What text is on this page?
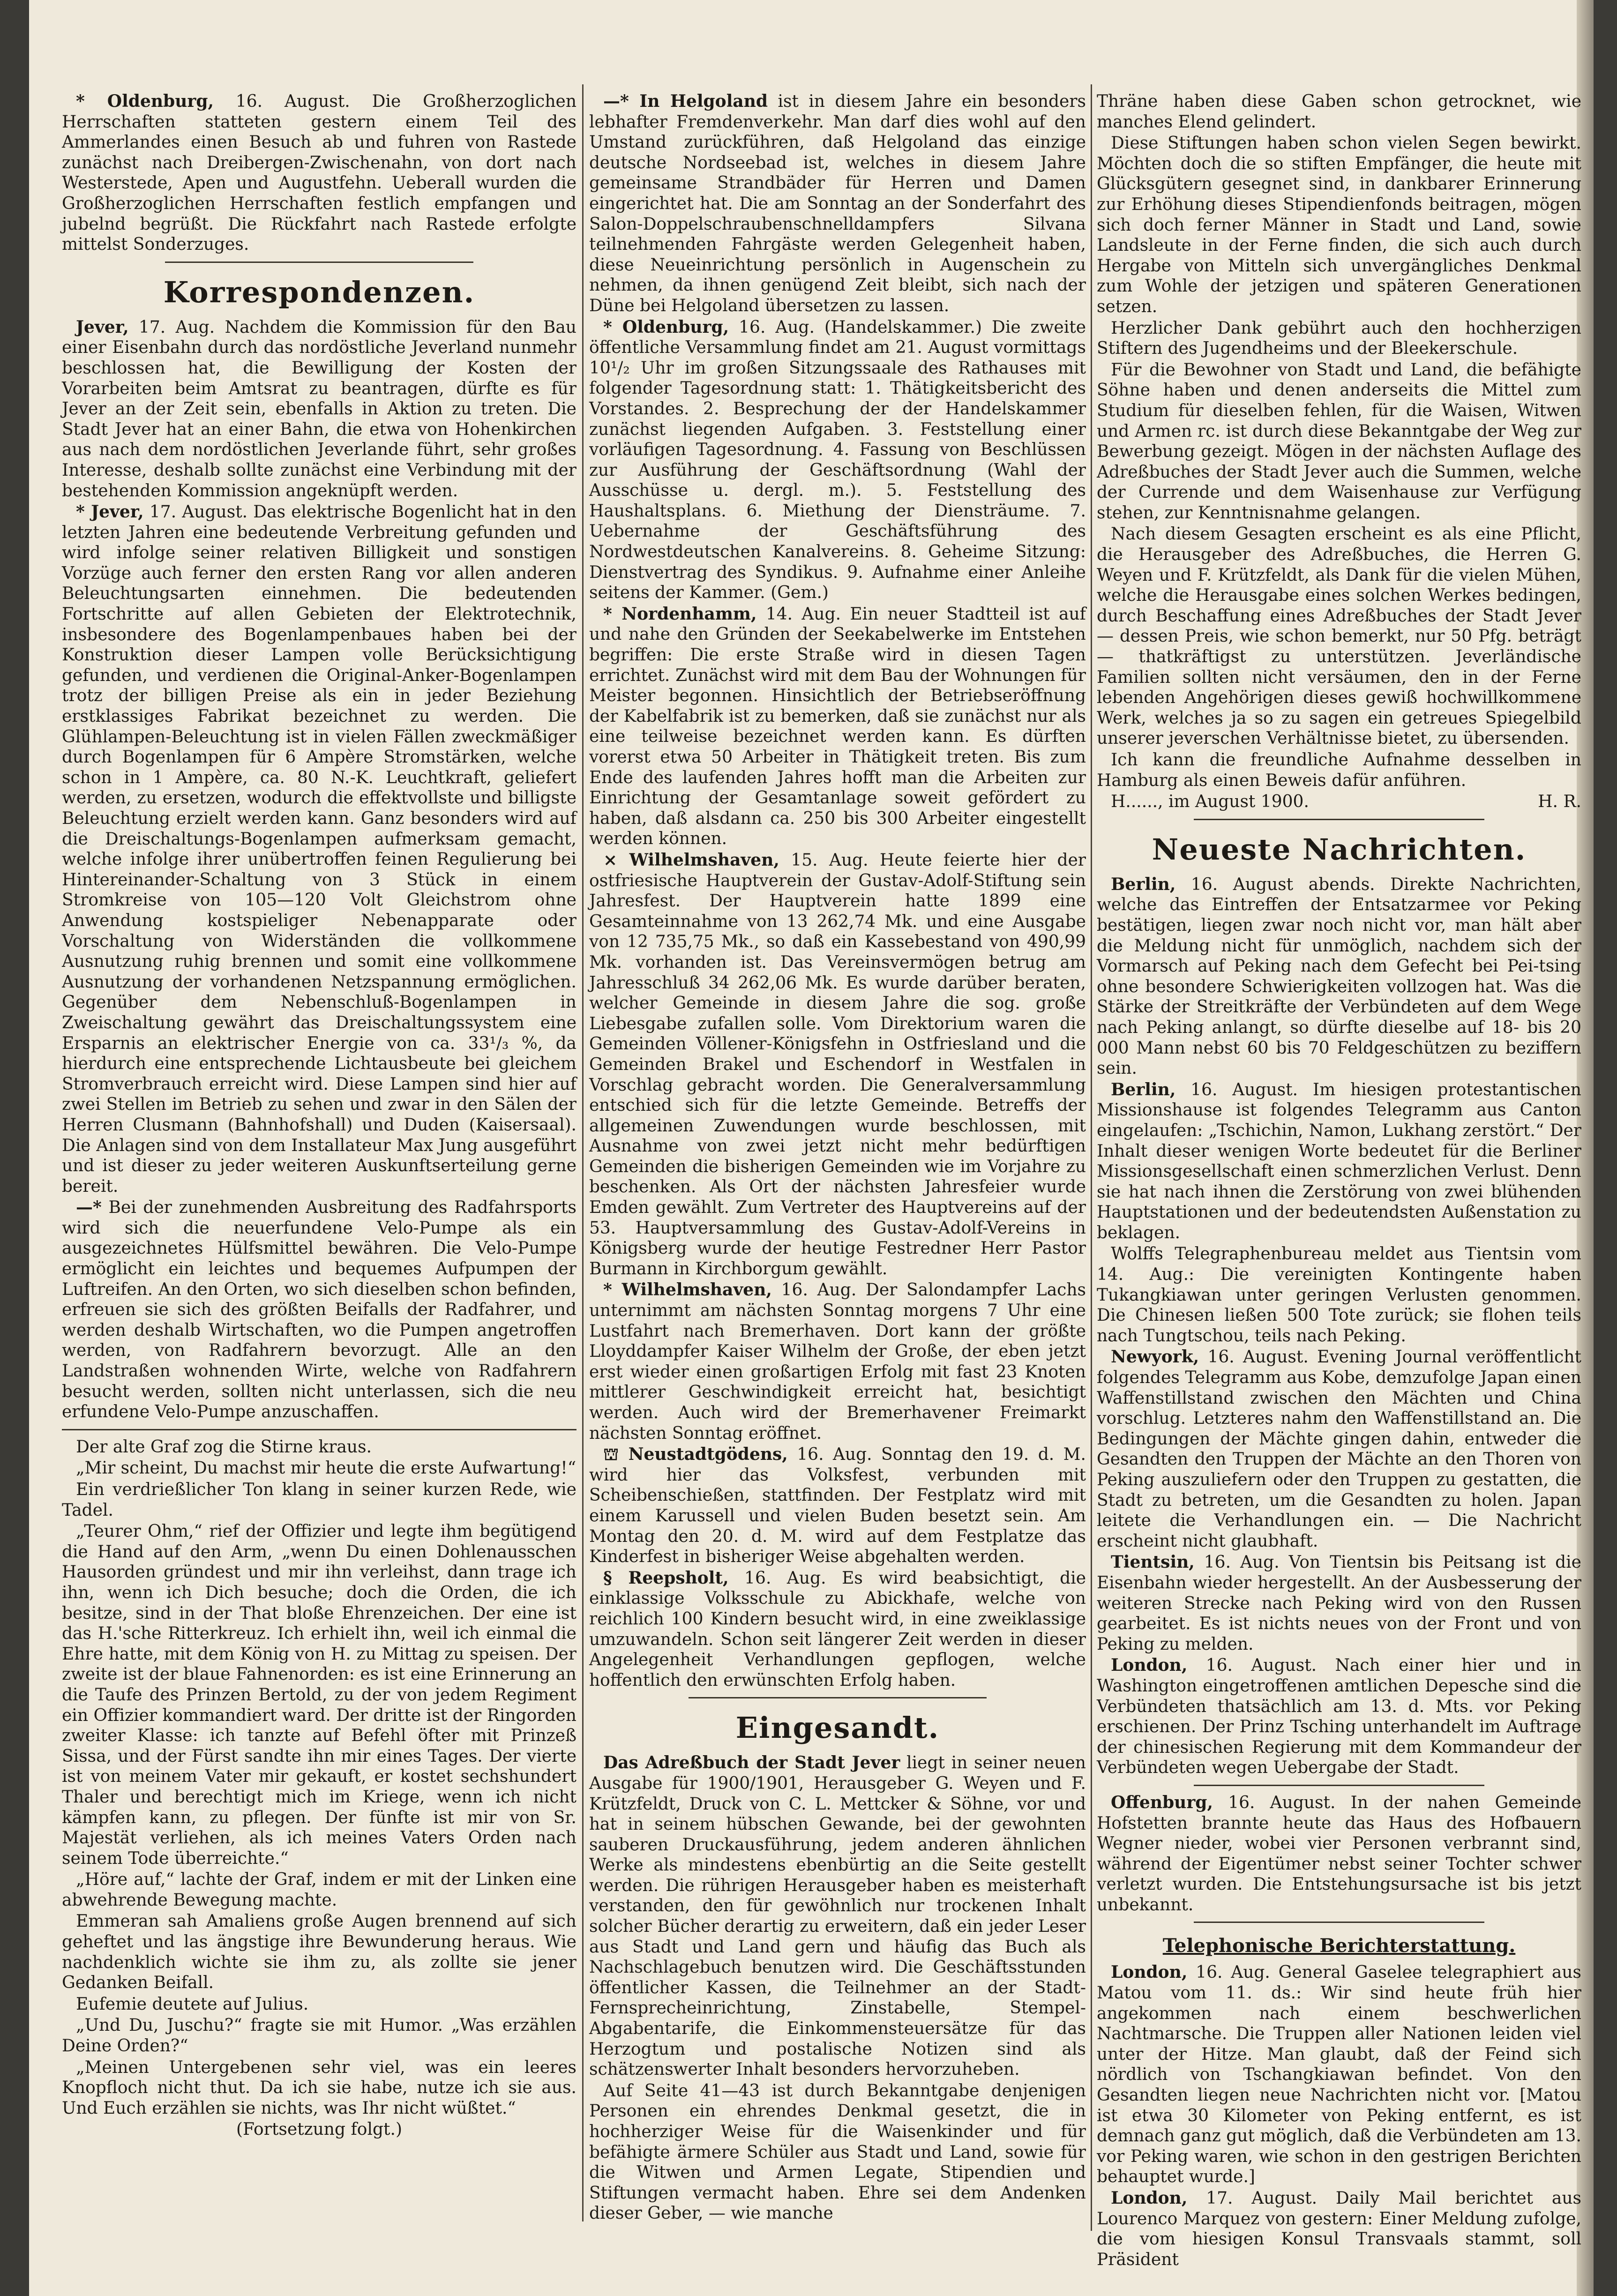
* Oldenburg, 16. August. Die Großherzoglichen Herrschaften statteten gestern einem Teil des Ammerlandes einen Besuch ab und fuhren von Rastede zunächst nach Dreibergen-Zwischenahn, von dort nach Westerstede, Apen und Augustfehn. Ueberall wurden die Großherzoglichen Herrschaften festlich empfangen und jubelnd begrüßt. Die Rückfahrt nach Rastede erfolgte mittelst Sonderzuges.

Korrespondenzen.

Jever, 17. Aug. Nachdem die Kommission für den Bau einer Eisenbahn durch das nordöstliche Jeverland nunmehr beschlossen hat, die Bewilligung der Kosten der Vorarbeiten beim Amtsrat zu beantragen, dürfte es für Jever an der Zeit sein, ebenfalls in Aktion zu treten. Die Stadt Jever hat an einer Bahn, die etwa von Hohenkirchen aus nach dem nordöstlichen Jeverlande führt, sehr großes Interesse, deshalb sollte zunächst eine Verbindung mit der bestehenden Kommission angeknüpft werden.

* Jever, 17. August. Das elektrische Bogenlicht hat in den letzten Jahren eine bedeutende Verbreitung gefunden und wird infolge seiner relativen Billigkeit und sonstigen Vorzüge auch ferner den ersten Rang vor allen anderen Beleuchtungsarten einnehmen. Die bedeutenden Fortschritte auf allen Gebieten der Elektrotechnik, insbesondere des Bogenlampenbaues haben bei der Konstruktion dieser Lampen volle Berücksichtigung gefunden, und verdienen die Original-Anker-Bogenlampen trotz der billigen Preise als ein in jeder Beziehung erstklassiges Fabrikat bezeichnet zu werden. Die Glühlampen-Beleuchtung ist in vielen Fällen zweckmäßiger durch Bogenlampen für 6 Ampère Stromstärken, welche schon in 1 Ampère, ca. 80 N.-K. Leuchtkraft, geliefert werden, zu ersetzen, wodurch die effektvollste und billigste Beleuchtung erzielt werden kann. Ganz besonders wird auf die Dreischaltungs-Bogenlampen aufmerksam gemacht, welche infolge ihrer unübertroffen feinen Regulierung bei Hintereinander-Schaltung von 3 Stück in einem Stromkreise von 105—120 Volt Gleichstrom ohne Anwendung kostspieliger Nebenapparate oder Vorschaltung von Widerständen die vollkommene Ausnutzung ruhig brennen und somit eine vollkommene Ausnutzung der vorhandenen Netzspannung ermöglichen. Gegenüber dem Nebenschluß-Bogenlampen in Zweischaltung gewährt das Dreischaltungssystem eine Ersparnis an elektrischer Energie von ca. 33¹/₃ %, da hierdurch eine entsprechende Lichtausbeute bei gleichem Stromverbrauch erreicht wird. Diese Lampen sind hier auf zwei Stellen im Betrieb zu sehen und zwar in den Sälen der Herren Clusmann (Bahnhofshall) und Duden (Kaisersaal). Die Anlagen sind von dem Installateur Max Jung ausgeführt und ist dieser zu jeder weiteren Auskunftserteilung gerne bereit.

—* Bei der zunehmenden Ausbreitung des Radfahrsports wird sich die neuerfundene Velo-Pumpe als ein ausgezeichnetes Hülfsmittel bewähren. Die Velo-Pumpe ermöglicht ein leichtes und bequemes Aufpumpen der Luftreifen. An den Orten, wo sich dieselben schon befinden, erfreuen sie sich des größten Beifalls der Radfahrer, und werden deshalb Wirtschaften, wo die Pumpen angetroffen werden, von Radfahrern bevorzugt. Alle an den Landstraßen wohnenden Wirte, welche von Radfahrern besucht werden, sollten nicht unterlassen, sich die neu erfundene Velo-Pumpe anzuschaffen.

Der alte Graf zog die Stirne kraus.

„Mir scheint, Du machst mir heute die erste Aufwartung!“

Ein verdrießlicher Ton klang in seiner kurzen Rede, wie Tadel.

„Teurer Ohm,“ rief der Offizier und legte ihm begütigend die Hand auf den Arm, „wenn Du einen Dohlenausschen Hausorden gründest und mir ihn verleihst, dann trage ich ihn, wenn ich Dich besuche; doch die Orden, die ich besitze, sind in der That bloße Ehrenzeichen. Der eine ist das H.'sche Ritterkreuz. Ich erhielt ihn, weil ich einmal die Ehre hatte, mit dem König von H. zu Mittag zu speisen. Der zweite ist der blaue Fahnenorden: es ist eine Erinnerung an die Taufe des Prinzen Bertold, zu der von jedem Regiment ein Offizier kommandiert ward. Der dritte ist der Ringorden zweiter Klasse: ich tanzte auf Befehl öfter mit Prinzeß Sissa, und der Fürst sandte ihn mir eines Tages. Der vierte ist von meinem Vater mir gekauft, er kostet sechshundert Thaler und berechtigt mich im Kriege, wenn ich nicht kämpfen kann, zu pflegen. Der fünfte ist mir von Sr. Majestät verliehen, als ich meines Vaters Orden nach seinem Tode überreichte.“

„Höre auf,“ lachte der Graf, indem er mit der Linken eine abwehrende Bewegung machte.

Emmeran sah Amaliens große Augen brennend auf sich geheftet und las ängstige ihre Bewunderung heraus. Wie nachdenklich wichte sie ihm zu, als zollte sie jener Gedanken Beifall.

Eufemie deutete auf Julius.

„Und Du, Juschu?“ fragte sie mit Humor. „Was erzählen Deine Orden?“

„Meinen Untergebenen sehr viel, was ein leeres Knopfloch nicht thut. Da ich sie habe, nutze ich sie aus. Und Euch erzählen sie nichts, was Ihr nicht wüßtet.“

(Fortsetzung folgt.)

—* In Helgoland ist in diesem Jahre ein besonders lebhafter Fremdenverkehr. Man darf dies wohl auf den Umstand zurückführen, daß Helgoland das einzige deutsche Nordseebad ist, welches in diesem Jahre gemeinsame Strandbäder für Herren und Damen eingerichtet hat. Die am Sonntag an der Sonderfahrt des Salon-Doppelschraubenschnelldampfers Silvana teilnehmenden Fahrgäste werden Gelegenheit haben, diese Neueinrichtung persönlich in Augenschein zu nehmen, da ihnen genügend Zeit bleibt, sich nach der Düne bei Helgoland übersetzen zu lassen.

* Oldenburg, 16. Aug. (Handelskammer.) Die zweite öffentliche Versammlung findet am 21. August vormittags 10¹/₂ Uhr im großen Sitzungssaale des Rathauses mit folgender Tagesordnung statt: 1. Thätigkeitsbericht des Vorstandes. 2. Besprechung der der Handelskammer zunächst liegenden Aufgaben. 3. Feststellung einer vorläufigen Tagesordnung. 4. Fassung von Beschlüssen zur Ausführung der Geschäftsordnung (Wahl der Ausschüsse u. dergl. m.). 5. Feststellung des Haushaltsplans. 6. Miethung der Diensträume. 7. Uebernahme der Geschäftsführung des Nordwestdeutschen Kanalvereins. 8. Geheime Sitzung: Dienstvertrag des Syndikus. 9. Aufnahme einer Anleihe seitens der Kammer. (Gem.)

* Nordenhamm, 14. Aug. Ein neuer Stadtteil ist auf und nahe den Gründen der Seekabelwerke im Entstehen begriffen: Die erste Straße wird in diesen Tagen errichtet. Zunächst wird mit dem Bau der Wohnungen für Meister begonnen. Hinsichtlich der Betriebseröffnung der Kabelfabrik ist zu bemerken, daß sie zunächst nur als eine teilweise bezeichnet werden kann. Es dürften vorerst etwa 50 Arbeiter in Thätigkeit treten. Bis zum Ende des laufenden Jahres hofft man die Arbeiten zur Einrichtung der Gesamtanlage soweit gefördert zu haben, daß alsdann ca. 250 bis 300 Arbeiter eingestellt werden können.

⨯ Wilhelmshaven, 15. Aug. Heute feierte hier der ostfriesische Hauptverein der Gustav-Adolf-Stiftung sein Jahresfest. Der Hauptverein hatte 1899 eine Gesamteinnahme von 13 262,74 Mk. und eine Ausgabe von 12 735,75 Mk., so daß ein Kassebestand von 490,99 Mk. vorhanden ist. Das Vereinsvermögen betrug am Jahresschluß 34 262,06 Mk. Es wurde darüber beraten, welcher Gemeinde in diesem Jahre die sog. große Liebesgabe zufallen solle. Vom Direktorium waren die Gemeinden Völlener-Königsfehn in Ostfriesland und die Gemeinden Brakel und Eschendorf in Westfalen in Vorschlag gebracht worden. Die Generalversammlung entschied sich für die letzte Gemeinde. Betreffs der allgemeinen Zuwendungen wurde beschlossen, mit Ausnahme von zwei jetzt nicht mehr bedürftigen Gemeinden die bisherigen Gemeinden wie im Vorjahre zu beschenken. Als Ort der nächsten Jahresfeier wurde Emden gewählt. Zum Vertreter des Hauptvereins auf der 53. Hauptversammlung des Gustav-Adolf-Vereins in Königsberg wurde der heutige Festredner Herr Pastor Burmann in Kirchborgum gewählt.

* Wilhelmshaven, 16. Aug. Der Salondampfer Lachs unternimmt am nächsten Sonntag morgens 7 Uhr eine Lustfahrt nach Bremerhaven. Dort kann der größte Lloyddampfer Kaiser Wilhelm der Große, der eben jetzt erst wieder einen großartigen Erfolg mit fast 23 Knoten mittlerer Geschwindigkeit erreicht hat, besichtigt werden. Auch wird der Bremerhavener Freimarkt nächsten Sonntag eröffnet.

⛫ Neustadtgödens, 16. Aug. Sonntag den 19. d. M. wird hier das Volksfest, verbunden mit Scheibenschießen, stattfinden. Der Festplatz wird mit einem Karussell und vielen Buden besetzt sein. Am Montag den 20. d. M. wird auf dem Festplatze das Kinderfest in bisheriger Weise abgehalten werden.

§ Reepsholt, 16. Aug. Es wird beabsichtigt, die einklassige Volksschule zu Abickhafe, welche von reichlich 100 Kindern besucht wird, in eine zweiklassige umzuwandeln. Schon seit längerer Zeit werden in dieser Angelegenheit Verhandlungen gepflogen, welche hoffentlich den erwünschten Erfolg haben.

Eingesandt.

Das Adreßbuch der Stadt Jever liegt in seiner neuen Ausgabe für 1900/1901, Herausgeber G. Weyen und F. Krützfeldt, Druck von C. L. Mettcker & Söhne, vor und hat in seinem hübschen Gewande, bei der gewohnten sauberen Druckausführung, jedem anderen ähnlichen Werke als mindestens ebenbürtig an die Seite gestellt werden. Die rührigen Herausgeber haben es meisterhaft verstanden, den für gewöhnlich nur trockenen Inhalt solcher Bücher derartig zu erweitern, daß ein jeder Leser aus Stadt und Land gern und häufig das Buch als Nachschlagebuch benutzen wird. Die Geschäftsstunden öffentlicher Kassen, die Teilnehmer an der Stadt-Fernsprecheinrichtung, Zinstabelle, Stempel-Abgabentarife, die Einkommensteuersätze für das Herzogtum und postalische Notizen sind als schätzenswerter Inhalt besonders hervorzuheben.

Auf Seite 41—43 ist durch Bekanntgabe denjenigen Personen ein ehrendes Denkmal gesetzt, die in hochherziger Weise für die Waisenkinder und für befähigte ärmere Schüler aus Stadt und Land, sowie für die Witwen und Armen Legate, Stipendien und Stiftungen vermacht haben. Ehre sei dem Andenken dieser Geber, — wie manche

Thräne haben diese Gaben schon getrocknet, wie manches Elend gelindert.

Diese Stiftungen haben schon vielen Segen bewirkt. Möchten doch die so stiften Empfänger, die heute mit Glücksgütern gesegnet sind, in dankbarer Erinnerung zur Erhöhung dieses Stipendienfonds beitragen, mögen sich doch ferner Männer in Stadt und Land, sowie Landsleute in der Ferne finden, die sich auch durch Hergabe von Mitteln sich unvergängliches Denkmal zum Wohle der jetzigen und späteren Generationen setzen.

Herzlicher Dank gebührt auch den hochherzigen Stiftern des Jugendheims und der Bleekerschule.

Für die Bewohner von Stadt und Land, die befähigte Söhne haben und denen anderseits die Mittel zum Studium für dieselben fehlen, für die Waisen, Witwen und Armen rc. ist durch diese Bekanntgabe der Weg zur Bewerbung gezeigt. Mögen in der nächsten Auflage des Adreßbuches der Stadt Jever auch die Summen, welche der Currende und dem Waisenhause zur Verfügung stehen, zur Kenntnisnahme gelangen.

Nach diesem Gesagten erscheint es als eine Pflicht, die Herausgeber des Adreßbuches, die Herren G. Weyen und F. Krützfeldt, als Dank für die vielen Mühen, welche die Herausgabe eines solchen Werkes bedingen, durch Beschaffung eines Adreßbuches der Stadt Jever — dessen Preis, wie schon bemerkt, nur 50 Pfg. beträgt — thatkräftigst zu unterstützen. Jeverländische Familien sollten nicht versäumen, den in der Ferne lebenden Angehörigen dieses gewiß hochwillkommene Werk, welches ja so zu sagen ein getreues Spiegelbild unserer jeverschen Verhältnisse bietet, zu übersenden.

Ich kann die freundliche Aufnahme desselben in Hamburg als einen Beweis dafür anführen.

H......, im August 1900.	H. R.
Neueste Nachrichten.

Berlin, 16. August abends. Direkte Nachrichten, welche das Eintreffen der Entsatzarmee vor Peking bestätigen, liegen zwar noch nicht vor, man hält aber die Meldung nicht für unmöglich, nachdem sich der Vormarsch auf Peking nach dem Gefecht bei Pei-tsing ohne besondere Schwierigkeiten vollzogen hat. Was die Stärke der Streitkräfte der Verbündeten auf dem Wege nach Peking anlangt, so dürfte dieselbe auf 18- bis 20 000 Mann nebst 60 bis 70 Feldgeschützen zu beziffern sein.

Berlin, 16. August. Im hiesigen protestantischen Missionshause ist folgendes Telegramm aus Canton eingelaufen: „Tschichin, Namon, Lukhang zerstört.“ Der Inhalt dieser wenigen Worte bedeutet für die Berliner Missionsgesellschaft einen schmerzlichen Verlust. Denn sie hat nach ihnen die Zerstörung von zwei blühenden Hauptstationen und der bedeutendsten Außenstation zu beklagen.

Wolffs Telegraphenbureau meldet aus Tientsin vom 14. Aug.: Die vereinigten Kontingente haben Tukangkiawan unter geringen Verlusten genommen. Die Chinesen ließen 500 Tote zurück; sie flohen teils nach Tungtschou, teils nach Peking.

Newyork, 16. August. Evening Journal veröffentlicht folgendes Telegramm aus Kobe, demzufolge Japan einen Waffenstillstand zwischen den Mächten und China vorschlug. Letzteres nahm den Waffenstillstand an. Die Bedingungen der Mächte gingen dahin, entweder die Gesandten den Truppen der Mächte an den Thoren von Peking auszuliefern oder den Truppen zu gestatten, die Stadt zu betreten, um die Gesandten zu holen. Japan leitete die Verhandlungen ein. — Die Nachricht erscheint nicht glaubhaft.

Tientsin, 16. Aug. Von Tientsin bis Peitsang ist die Eisenbahn wieder hergestellt. An der Ausbesserung der weiteren Strecke nach Peking wird von den Russen gearbeitet. Es ist nichts neues von der Front und von Peking zu melden.

London, 16. August. Nach einer hier und in Washington eingetroffenen amtlichen Depesche sind die Verbündeten thatsächlich am 13. d. Mts. vor Peking erschienen. Der Prinz Tsching unterhandelt im Auftrage der chinesischen Regierung mit dem Kommandeur der Verbündeten wegen Uebergabe der Stadt.

Offenburg, 16. August. In der nahen Gemeinde Hofstetten brannte heute das Haus des Hofbauern Wegner nieder, wobei vier Personen verbrannt sind, während der Eigentümer nebst seiner Tochter schwer verletzt wurden. Die Entstehungsursache ist bis jetzt unbekannt.

Telephonische Berichterstattung.

London, 16. Aug. General Gaselee telegraphiert aus Matou vom 11. ds.: Wir sind heute früh hier angekommen nach einem beschwerlichen Nachtmarsche. Die Truppen aller Nationen leiden viel unter der Hitze. Man glaubt, daß der Feind sich nördlich von Tschangkiawan befindet. Von den Gesandten liegen neue Nachrichten nicht vor. [Matou ist etwa 30 Kilometer von Peking entfernt, es ist demnach ganz gut möglich, daß die Verbündeten am 13. vor Peking waren, wie schon in den gestrigen Berichten behauptet wurde.]

London, 17. August. Daily Mail berichtet aus Lourenco Marquez von gestern: Einer Meldung zufolge, die vom hiesigen Konsul Transvaals stammt, soll Präsident
